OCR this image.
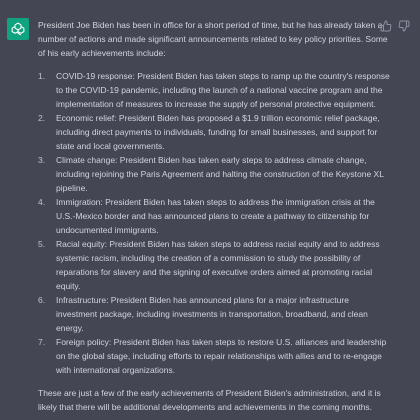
President Joe Biden has been in office for a short period of time, but he has already taken a number of actions and made significant announcements related to key policy priorities. Some of his early achievements include:

1.	COVID-19 response: President Biden has taken steps to ramp up the country's response to the COVID-19 pandemic, including the launch of a national vaccine program and the implementation of measures to increase the supply of personal protective equipment.
2.	Economic relief: President Biden has proposed a $1.9 trillion economic relief package, including direct payments to individuals, funding for small businesses, and support for state and local governments.
3.	Climate change: President Biden has taken early steps to address climate change, including rejoining the Paris Agreement and halting the construction of the Keystone XL pipeline.
4.	Immigration: President Biden has taken steps to address the immigration crisis at the U.S.-Mexico border and has announced plans to create a pathway to citizenship for undocumented immigrants.
5.	Racial equity: President Biden has taken steps to address racial equity and to address systemic racism, including the creation of a commission to study the possibility of reparations for slavery and the signing of executive orders aimed at promoting racial equity.
6.	Infrastructure: President Biden has announced plans for a major infrastructure investment package, including investments in transportation, broadband, and clean energy.
7.	Foreign policy: President Biden has taken steps to restore U.S. alliances and leadership on the global stage, including efforts to repair relationships with allies and to re-engage with international organizations.

These are just a few of the early achievements of President Biden's administration, and it is likely that there will be additional developments and achievements in the coming months.
